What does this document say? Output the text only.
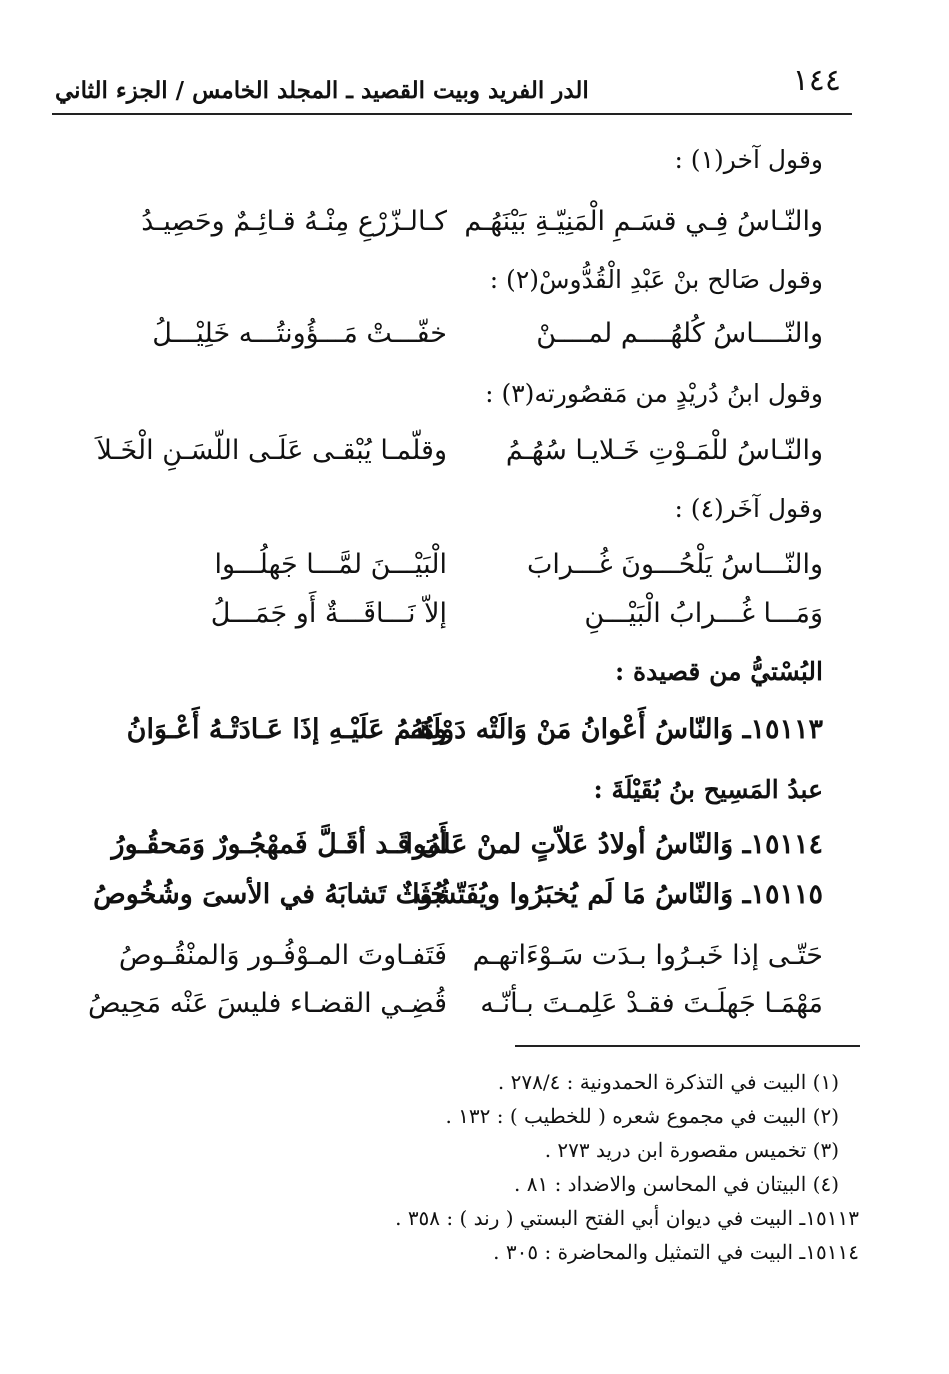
١٤٤
الدر الفريد وبيت القصيد ـ المجلد الخامس / الجزء الثاني
وقول آخر(١) :
والنّـاسُ فِـي قسَـمِ الْمَنِيّـةِ بَيْنَهُـم
كـالـزّرْعِ مِنْـهُ قـائِـمٌ وحَصِيـدُ
وقول صَالح بنْ عَبْدِ الْقُدُّوسْ(٢) :
والنّــــاسُ كُلهُــــم لمــــنْ
خفّـــتْ مَـــؤُونتُـــه خَلِيْـــلُ
وقول ابنُ دُريْدٍ من مَقصُورته(٣) :
والنّـاسُ للْمَـوْتِ خَـلايـا سُهُـمُ
وقلّمـا يُبْقـى عَلَـى اللّسَـنِ الْخَـلاَ
وقول آخَر(٤) :
والنّـــاسُ يَلْحُـــونَ غُـــرابَ
الْبَيْـــنَ لمَّـــا جَهلُـــوا
وَمَـــا غُـــرابُ الْبَيْـــنِ
إلاّ نَـــاقَـــةٌ أَو جَمَـــلُ
البُسْتيُّ من قصيدة :
١٥١١٣ـ وَالنّاسُ أَعْوانُ مَنْ وَالَتْه دَوْلَتُهُ
وهَـمُ عَلَيْـهِ إذَا عَـادَتْـهُ أَعْـوَانُ
عبدُ المَسِيح بنُ بُقَيْلَةَ :
١٥١١٤ـ وَالنّاسُ أولادُ عَلاّتٍ لمنْ عَلمُوا
أَن قَـد أقَـلَّ فَمهْجُـورٌ وَمَحقُـورُ
١٥١١٥ـ وَالنّاسُ مَا لَم يُخبَرُوا ويُفَتّشُوا
جُثَثٌ تَشابَهُ في الأسىَ وشُخُوصُ
حَتّـى إذا خَبـرُوا بـدَت سَـوْءَاتهـم
فَتَفـاوتَ المـوْفُـور وَالمنْقُـوصُ
مَهْمَـا جَهلَـتَ فقـدْ عَلِمـتَ بـأنّـه
قُضِـي القضـاء فليسَ عَنْه مَحِيصُ
(١) البيت في التذكرة الحمدونية : ٢٧٨/٤ .
(٢) البيت في مجموع شعره ( للخطيب ) : ١٣٢ .
(٣) تخميس مقصورة ابن دريد ٢٧٣ .
(٤) البيتان في المحاسن والاضداد : ٨١ .
١٥١١٣ـ البيت في ديوان أبي الفتح البستي ( رند ) : ٣٥٨ .
١٥١١٤ـ البيت في التمثيل والمحاضرة : ٣٠٥ .
